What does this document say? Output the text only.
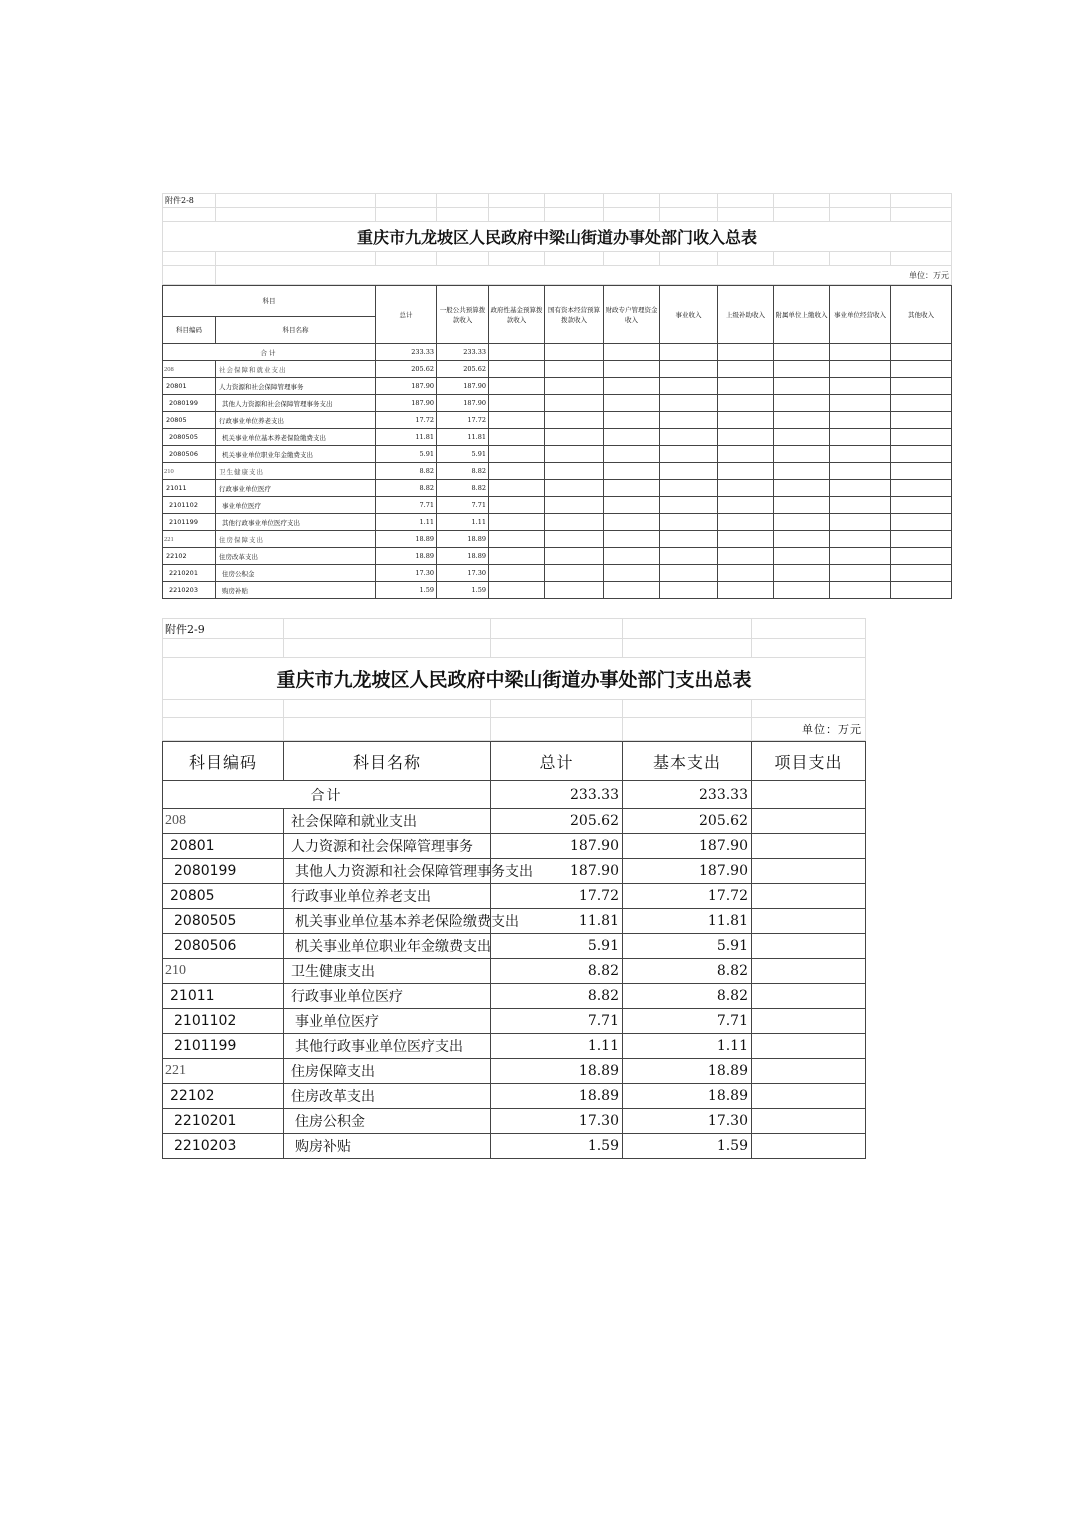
附件2-8											

重庆市九龙坡区人民政府中梁山街道办事处部门收入总表											

	单位：万元										
科目		总计	一般公共预算拨款收入	政府性基金预算拨款收入	国有资本经营预算拨款收入	财政专户管理资金收入	事业收入	上级补助收入	附属单位上缴收入	事业单位经营收入	其他收入
科目编码	科目名称										
合计		233.33	233.33								
208	社会保障和就业支出	205.62	205.62								
20801	人力资源和社会保障管理事务	187.90	187.90								
2080199	其他人力资源和社会保障管理事务支出	187.90	187.90								
20805	行政事业单位养老支出	17.72	17.72								
2080505	机关事业单位基本养老保险缴费支出	11.81	11.81								
2080506	机关事业单位职业年金缴费支出	5.91	5.91								
210	卫生健康支出	8.82	8.82								
21011	行政事业单位医疗	8.82	8.82								
2101102	事业单位医疗	7.71	7.71								
2101199	其他行政事业单位医疗支出	1.11	1.11								
221	住房保障支出	18.89	18.89								
22102	住房改革支出	18.89	18.89								
2210201	住房公积金	17.30	17.30								
2210203	购房补贴	1.59	1.59								
附件2-9				

重庆市九龙坡区人民政府中梁山街道办事处部门支出总表				

				单位：万元
科目编码	科目名称	总计	基本支出	项目支出
合计		233.33	233.33	
208	社会保障和就业支出	205.62	205.62	
20801	人力资源和社会保障管理事务	187.90	187.90	
2080199	其他人力资源和社会保障管理事务支出	187.90	187.90	
20805	行政事业单位养老支出	17.72	17.72	
2080505	机关事业单位基本养老保险缴费支出	11.81	11.81	
2080506	机关事业单位职业年金缴费支出	5.91	5.91	
210	卫生健康支出	8.82	8.82	
21011	行政事业单位医疗	8.82	8.82	
2101102	事业单位医疗	7.71	7.71	
2101199	其他行政事业单位医疗支出	1.11	1.11	
221	住房保障支出	18.89	18.89	
22102	住房改革支出	18.89	18.89	
2210201	住房公积金	17.30	17.30	
2210203	购房补贴	1.59	1.59	
